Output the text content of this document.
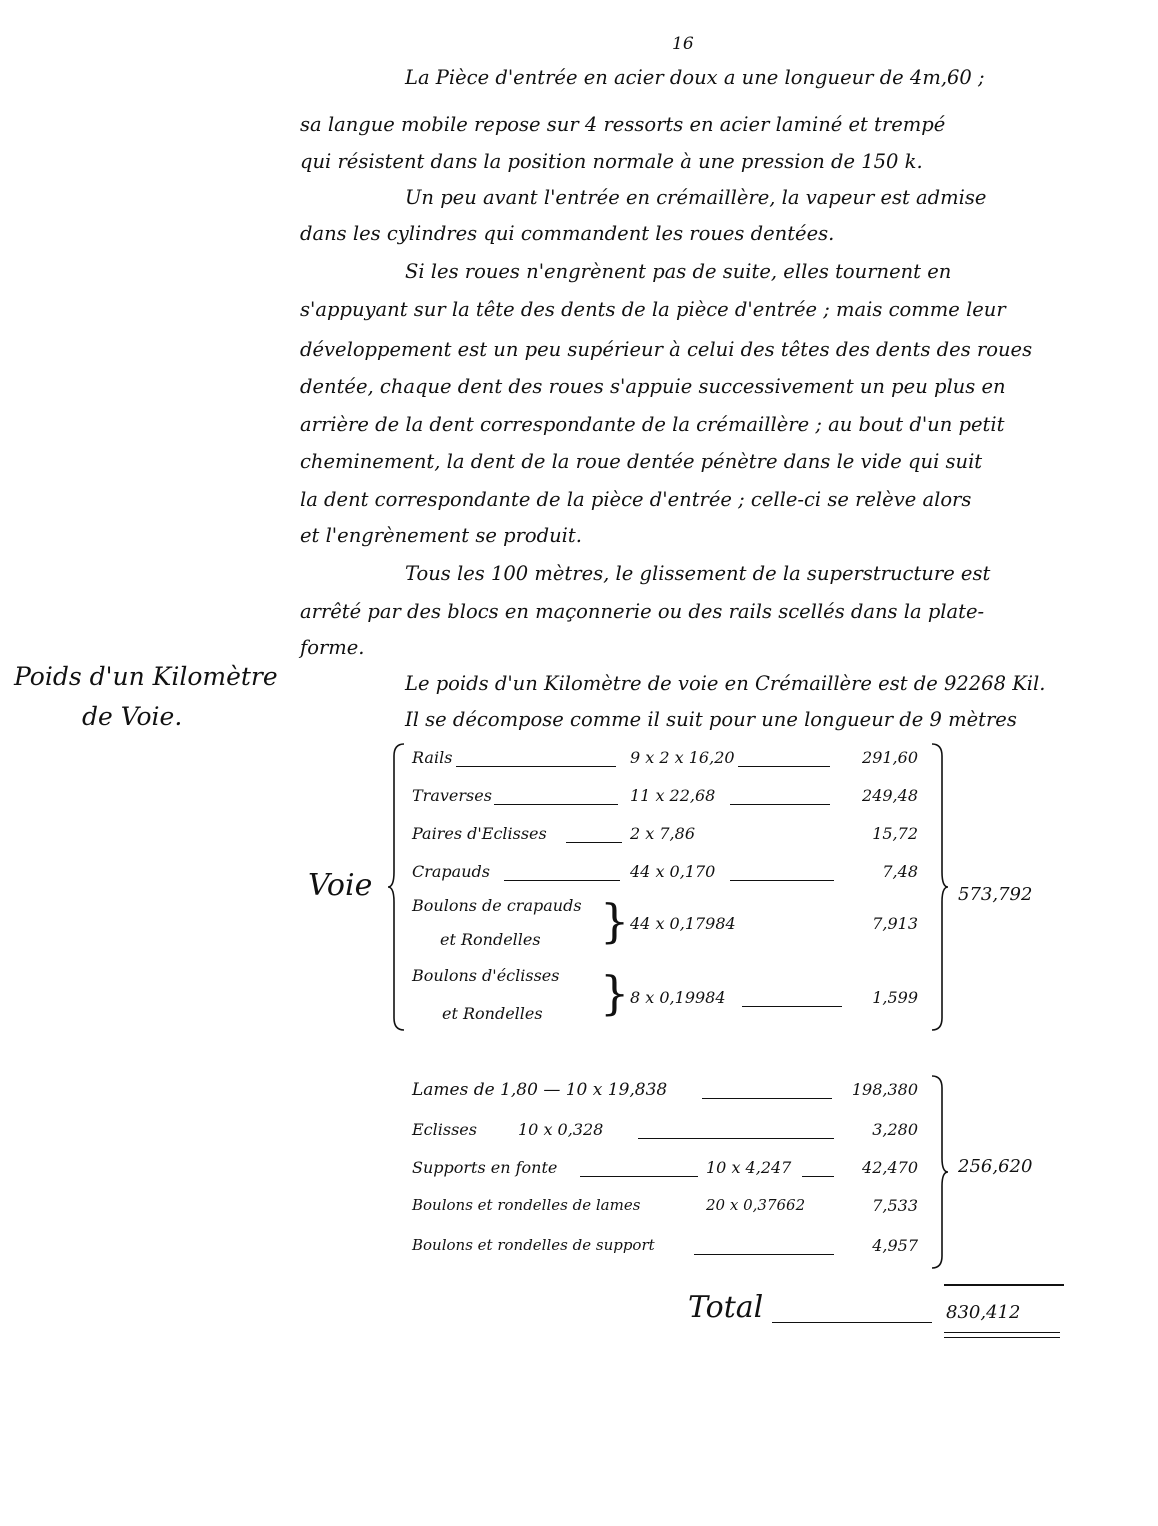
16
La Pièce d'entrée en acier doux a une longueur de 4m,60 ;
sa langue mobile repose sur 4 ressorts en acier laminé et trempé
qui résistent dans la position normale à une pression de 150 k.
Un peu avant l'entrée en crémaillère, la vapeur est admise
dans les cylindres qui commandent les roues dentées.
Si les roues n'engrènent pas de suite, elles tournent en
s'appuyant sur la tête des dents de la pièce d'entrée ; mais comme leur
développement est un peu supérieur à celui des têtes des dents des roues
dentée, chaque dent des roues s'appuie successivement un peu plus en
arrière de la dent correspondante de la crémaillère ; au bout d'un petit
cheminement, la dent de la roue dentée pénètre dans le vide qui suit
la dent correspondante de la pièce d'entrée ; celle-ci se relève alors
et l'engrènement se produit.
Tous les 100 mètres, le glissement de la superstructure est
arrêté par des blocs en maçonnerie ou des rails scellés dans la plate-
forme.
Le poids d'un Kilomètre de voie en Crémaillère est de 92268 Kil.
Il se décompose comme il suit pour une longueur de 9 mètres
Poids d'un Kilomètre
de Voie.
Voie
Rails	9 x 2 x 16,20	291,60
Traverses	11 x 22,68	249,48
Paires d'Eclisses	2 x 7,86	15,72
Crapauds	44 x 0,170	7,48
Boulons de crapauds
et Rondelles } 44 x 0,17984	7,913
Boulons d'éclisses
et Rondelles } 8 x 0,19984	1,599
573,792
Lames de 1,80 — 10 x 19,838	198,380
Eclisses	10 x 0,328	3,280
Supports en fonte	10 x 4,247	42,470
Boulons et rondelles de lames	20 x 0,37662	7,533
Boulons et rondelles de support	4,957
256,620
Total	830,412
